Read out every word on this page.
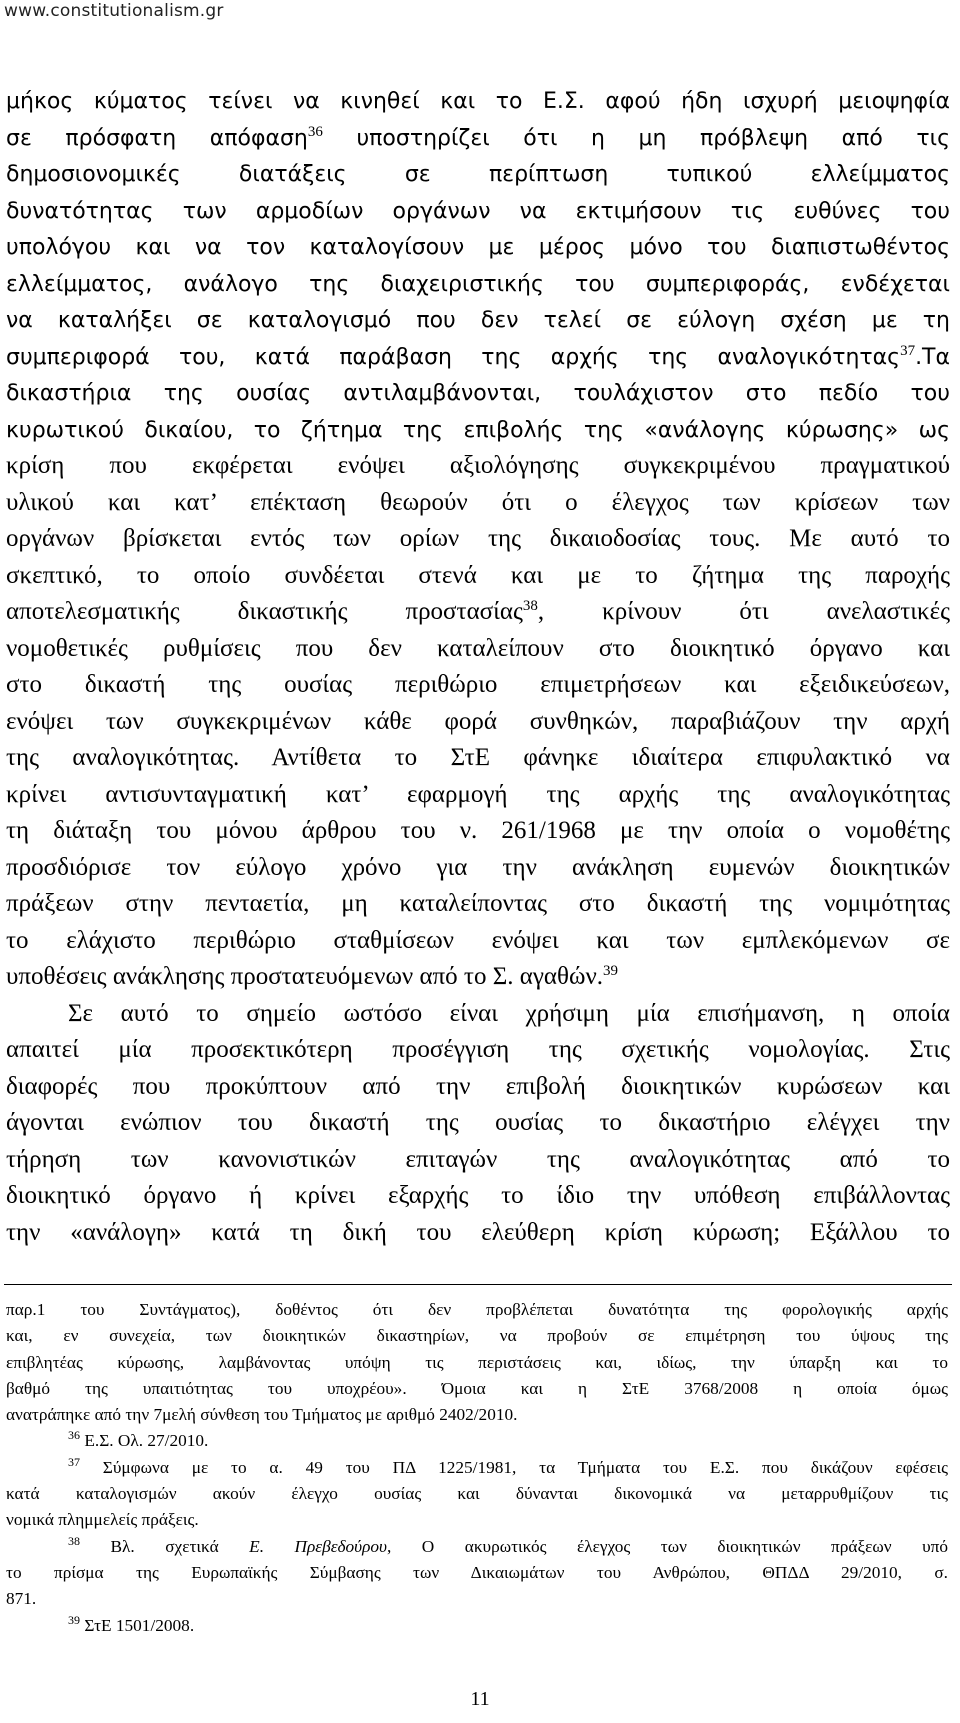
www.constitutionalism.gr
μήκος κύματος τείνει να κινηθεί και το Ε.Σ. αφού ήδη ισχυρή μειοψηφία
σε πρόσφατη απόφαση$^{36}$ υποστηρίζει ότι η μη πρόβλεψη από τις
δημοσιονομικές διατάξεις σε περίπτωση τυπικού ελλείμματος
δυνατότητας των αρμοδίων οργάνων να εκτιμήσουν τις ευθύνες του
υπολόγου και να τον καταλογίσουν με μέρος μόνο του διαπιστωθέντος
ελλείμματος, ανάλογο της διαχειριστικής του συμπεριφοράς, ενδέχεται
να καταλήξει σε καταλογισμό που δεν τελεί σε εύλογη σχέση με τη
συμπεριφορά του, κατά παράβαση της αρχής της αναλογικότητας$^{37}$.Τα
δικαστήρια της ουσίας αντιλαμβάνονται, τουλάχιστον στο πεδίο του
κυρωτικού δικαίου, το ζήτημα της επιβολής της «ανάλογης κύρωσης» ως
κρίση που εκφέρεται ενόψει αξιολόγησης συγκεκριμένου πραγματικού
υλικού και κατ’ επέκταση θεωρούν ότι ο έλεγχος των κρίσεων των
οργάνων βρίσκεται εντός των ορίων της δικαιοδοσίας τους. Με αυτό το
σκεπτικό, το οποίο συνδέεται στενά και με το ζήτημα της παροχής
αποτελεσματικής δικαστικής προστασίας$^{38}$, κρίνουν ότι ανελαστικές
νομοθετικές ρυθμίσεις που δεν καταλείπουν στο διοικητικό όργανο και
στο δικαστή της ουσίας περιθώριο επιμετρήσεων και εξειδικεύσεων,
ενόψει των συγκεκριμένων κάθε φορά συνθηκών, παραβιάζουν την αρχή
της αναλογικότητας. Αντίθετα το ΣτΕ φάνηκε ιδιαίτερα επιφυλακτικό να
κρίνει αντισυνταγματική κατ’ εφαρμογή της αρχής της αναλογικότητας
τη διάταξη του μόνου άρθρου του ν. 261/1968 με την οποία ο νομοθέτης
προσδιόρισε τον εύλογο χρόνο για την ανάκληση ευμενών διοικητικών
πράξεων στην πενταετία, μη καταλείποντας στο δικαστή της νομιμότητας
το ελάχιστο περιθώριο σταθμίσεων ενόψει και των εμπλεκόμενων σε
υποθέσεις ανάκλησης προστατευόμενων από το Σ. αγαθών.$^{39}$
Σε αυτό το σημείο ωστόσο είναι χρήσιμη μία επισήμανση, η οποία
απαιτεί μία προσεκτικότερη προσέγγιση της σχετικής νομολογίας. Στις
διαφορές που προκύπτουν από την επιβολή διοικητικών κυρώσεων και
άγονται ενώπιον του δικαστή της ουσίας το δικαστήριο ελέγχει την
τήρηση των κανονιστικών επιταγών της αναλογικότητας από το
διοικητικό όργανο ή κρίνει εξαρχής το ίδιο την υπόθεση επιβάλλοντας
την «ανάλογη» κατά τη δική του ελεύθερη κρίση κύρωση; Εξάλλου το
παρ.1 του Συντάγματος), δοθέντος ότι δεν προβλέπεται δυνατότητα της φορολογικής αρχής
και, εν συνεχεία, των διοικητικών δικαστηρίων, να προβούν σε επιμέτρηση του ύψους της
επιβλητέας κύρωσης, λαμβάνοντας υπόψη τις περιστάσεις και, ιδίως, την ύπαρξη και το
βαθμό της υπαιτιότητας του υποχρέου». Όμοια και η ΣτΕ 3768/2008 η οποία όμως
ανατράπηκε από την 7μελή σύνθεση του Τμήματος με αριθμό 2402/2010.
$^{36}$ Ε.Σ. Ολ. 27/2010.
$^{37}$ Σύμφωνα με το α. 49 του ΠΔ 1225/1981, τα Τμήματα του Ε.Σ. που δικάζουν εφέσεις
κατά καταλογισμών ακούν έλεγχο ουσίας και δύνανται δικονομικά να μεταρρυθμίζουν τις
νομικά πλημμελείς πράξεις.
$^{38}$ Βλ. σχετικά Ε. Πρεβεδούρου, Ο ακυρωτικός έλεγχος των διοικητικών πράξεων υπό
το πρίσμα της Ευρωπαϊκής Σύμβασης των Δικαιωμάτων του Ανθρώπου, ΘΠΔΔ 29/2010, σ.
871.
$^{39}$ ΣτΕ 1501/2008.
11
